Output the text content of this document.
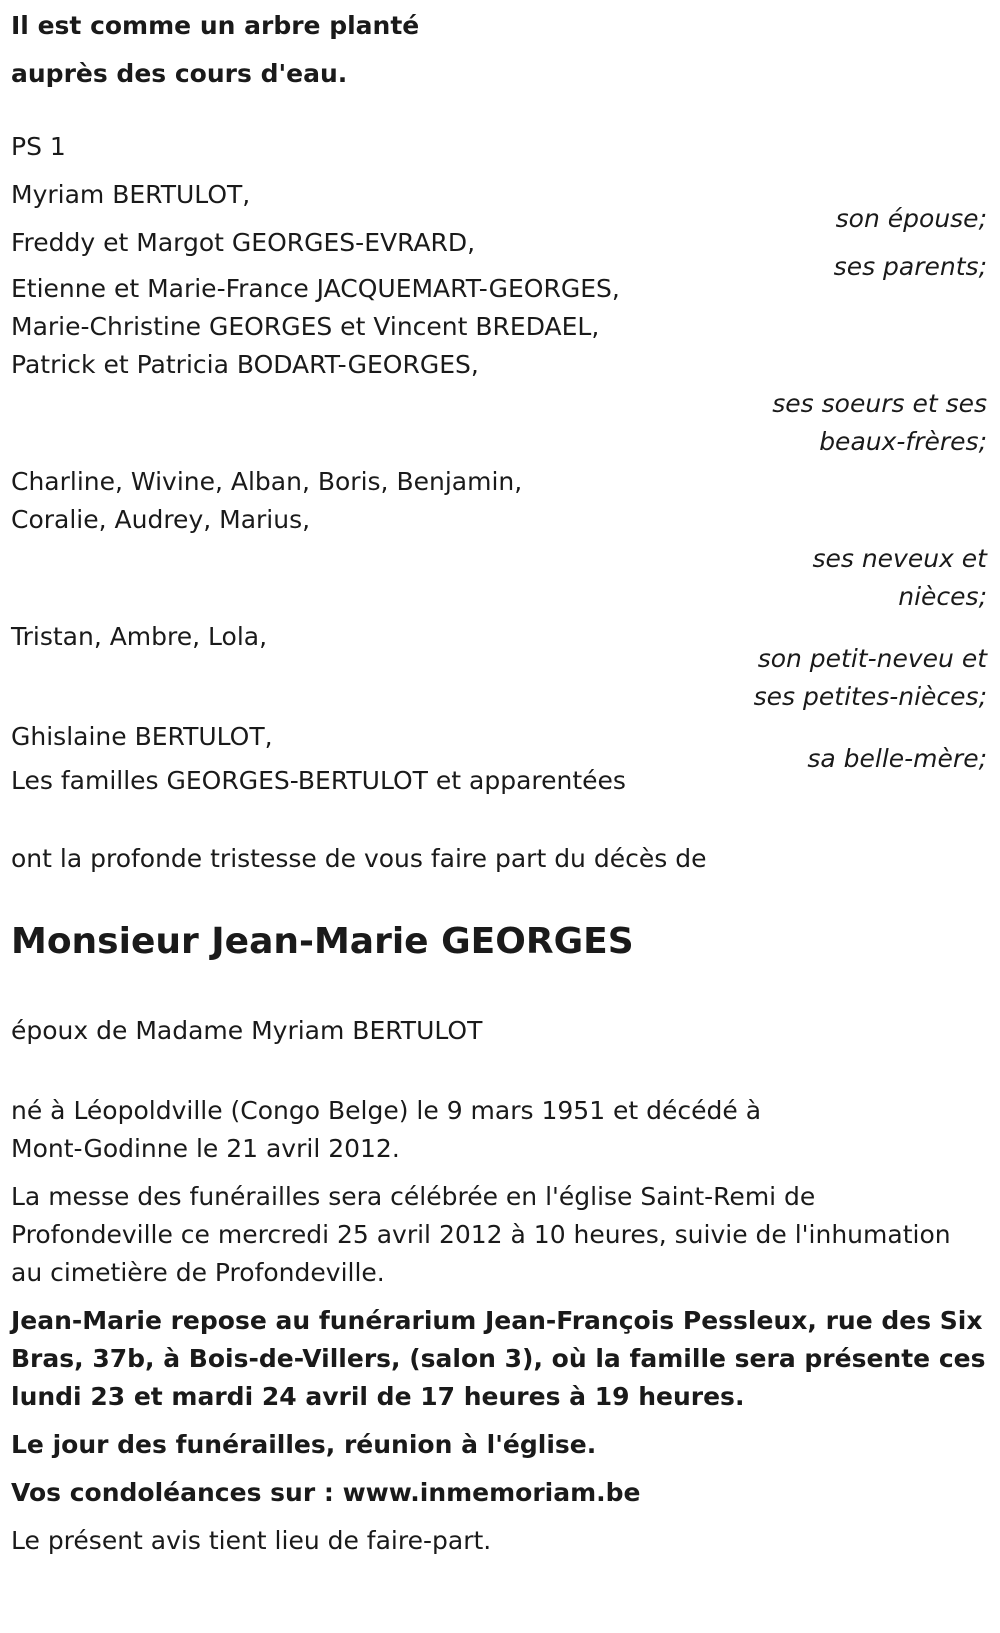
Il est comme un arbre planté
auprès des cours d'eau.
PS 1
Myriam BERTULOT,
son épouse;
Freddy et Margot GEORGES-EVRARD,
ses parents;
Etienne et Marie-France JACQUEMART-GEORGES,
Marie-Christine GEORGES et Vincent BREDAEL,
Patrick et Patricia BODART-GEORGES,
ses soeurs et ses
beaux-frères;
Charline, Wivine, Alban, Boris, Benjamin,
Coralie, Audrey, Marius,
ses neveux et
nièces;
Tristan, Ambre, Lola,
son petit-neveu et
ses petites-nièces;
Ghislaine BERTULOT,
sa belle-mère;
Les familles GEORGES-BERTULOT et apparentées
ont la profonde tristesse de vous faire part du décès de
Monsieur Jean-Marie GEORGES
époux de Madame Myriam BERTULOT
né à Léopoldville (Congo Belge) le 9 mars 1951 et décédé à
Mont-Godinne le 21 avril 2012.
La messe des funérailles sera célébrée en l'église Saint-Remi de
Profondeville ce mercredi 25 avril 2012 à 10 heures, suivie de l'inhumation
au cimetière de Profondeville.
Jean-Marie repose au funérarium Jean-François Pessleux, rue des Six
Bras, 37b, à Bois-de-Villers, (salon 3), où la famille sera présente ces
lundi 23 et mardi 24 avril de 17 heures à 19 heures.
Le jour des funérailles, réunion à l'église.
Vos condoléances sur : www.inmemoriam.be
Le présent avis tient lieu de faire-part.
